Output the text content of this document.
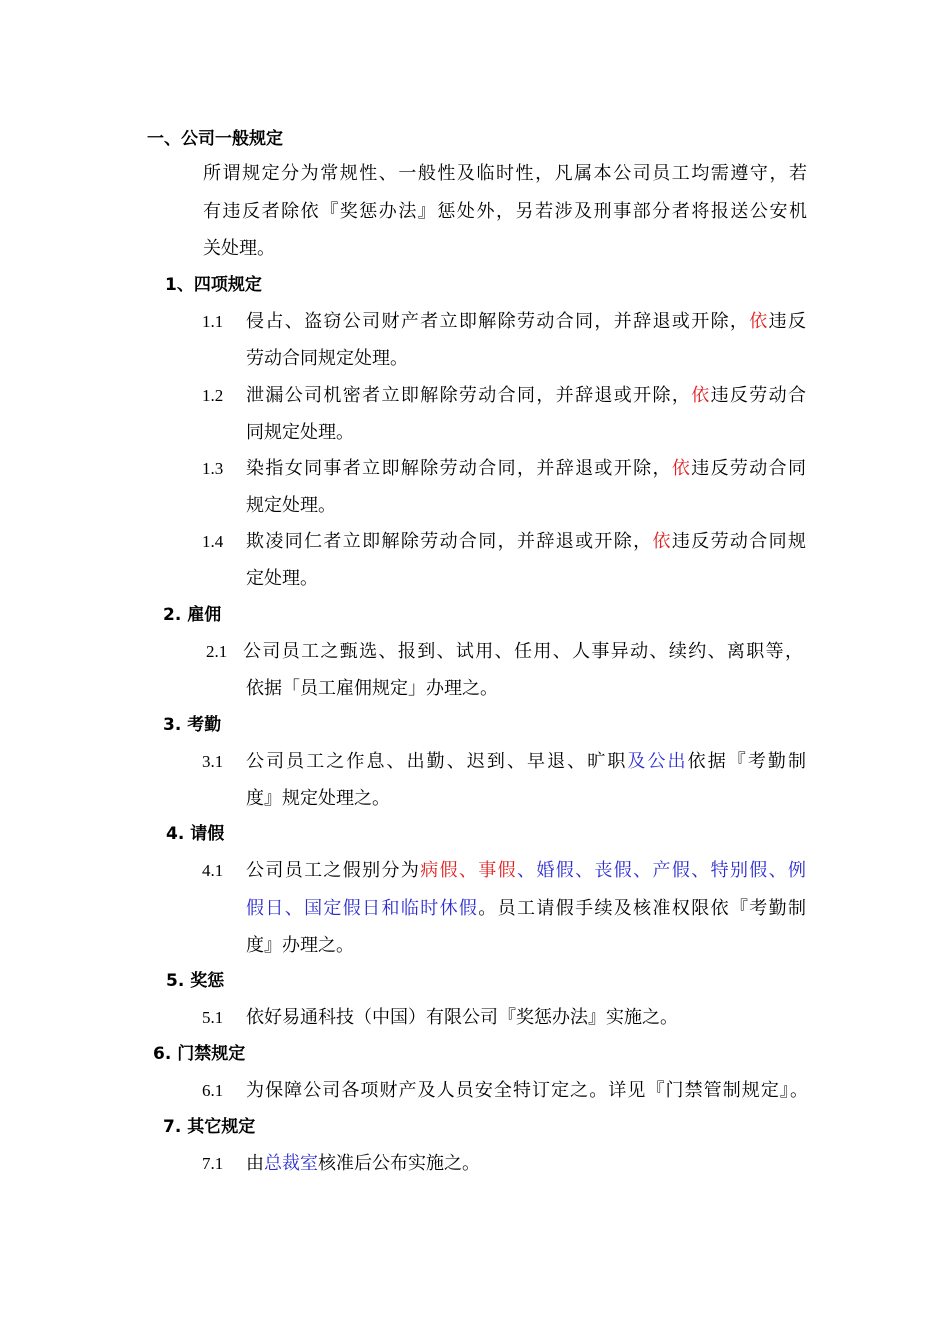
一、公司一般规定
所谓规定分为常规性、一般性及临时性，凡属本公司员工均需遵守，若
有违反者除依『奖惩办法』惩处外，另若涉及刑事部分者将报送公安机
关处理。
1、四项规定
1.1 侵占、盗窃公司财产者立即解除劳动合同，并辞退或开除，依违反
劳动合同规定处理。
1.2 泄漏公司机密者立即解除劳动合同，并辞退或开除，依违反劳动合
同规定处理。
1.3 染指女同事者立即解除劳动合同，并辞退或开除，依违反劳动合同
规定处理。
1.4 欺凌同仁者立即解除劳动合同，并辞退或开除，依违反劳动合同规
定处理。
2. 雇佣
2.1 公司员工之甄选、报到、试用、任用、人事异动、续约、离职等，
依据「员工雇佣规定」办理之。
3. 考勤
3.1 公司员工之作息、出勤、迟到、早退、旷职及公出依据『考勤制
度』规定处理之。
4. 请假
4.1 公司员工之假别分为病假、事假、婚假、丧假、产假、特别假、例
假日、国定假日和临时休假。员工请假手续及核准权限依『考勤制
度』办理之。
5. 奖惩
5.1 依好易通科技（中国）有限公司『奖惩办法』实施之。
6. 门禁规定
6.1 为保障公司各项财产及人员安全特订定之。详见『门禁管制规定』。
7. 其它规定
7.1 由总裁室核准后公布实施之。
